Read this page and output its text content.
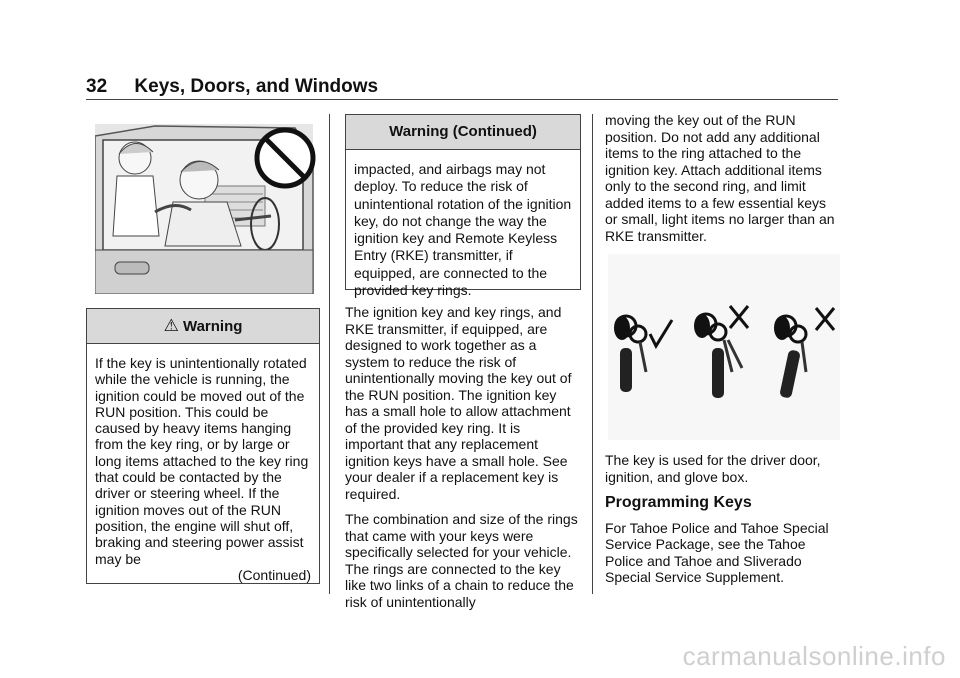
32 Keys, Doors, and Windows
⚠ Warning
If the key is unintentionally rotated while the vehicle is running, the ignition could be moved out of the RUN position. This could be caused by heavy items hanging from the key ring, or by large or long items attached to the key ring that could be contacted by the driver or steering wheel. If the ignition moves out of the RUN position, the engine will shut off, braking and steering power assist may be
(Continued)
Warning (Continued)
impacted, and airbags may not deploy. To reduce the risk of unintentional rotation of the ignition key, do not change the way the ignition key and Remote Keyless Entry (RKE) transmitter, if equipped, are connected to the provided key rings.

The ignition key and key rings, and RKE transmitter, if equipped, are designed to work together as a system to reduce the risk of unintentionally moving the key out of the RUN position. The ignition key has a small hole to allow attachment of the provided key ring. It is important that any replacement ignition keys have a small hole. See your dealer if a replacement key is required.

The combination and size of the rings that came with your keys were specifically selected for your vehicle. The rings are connected to the key like two links of a chain to reduce the risk of unintentionally

moving the key out of the RUN position. Do not add any additional items to the ring attached to the ignition key. Attach additional items only to the second ring, and limit added items to a few essential keys or small, light items no larger than an RKE transmitter.

The key is used for the driver door, ignition, and glove box.

Programming Keys

For Tahoe Police and Tahoe Special Service Package, see the Tahoe Police and Tahoe and Sliverado Special Service Supplement.

carmanualsonline.info
